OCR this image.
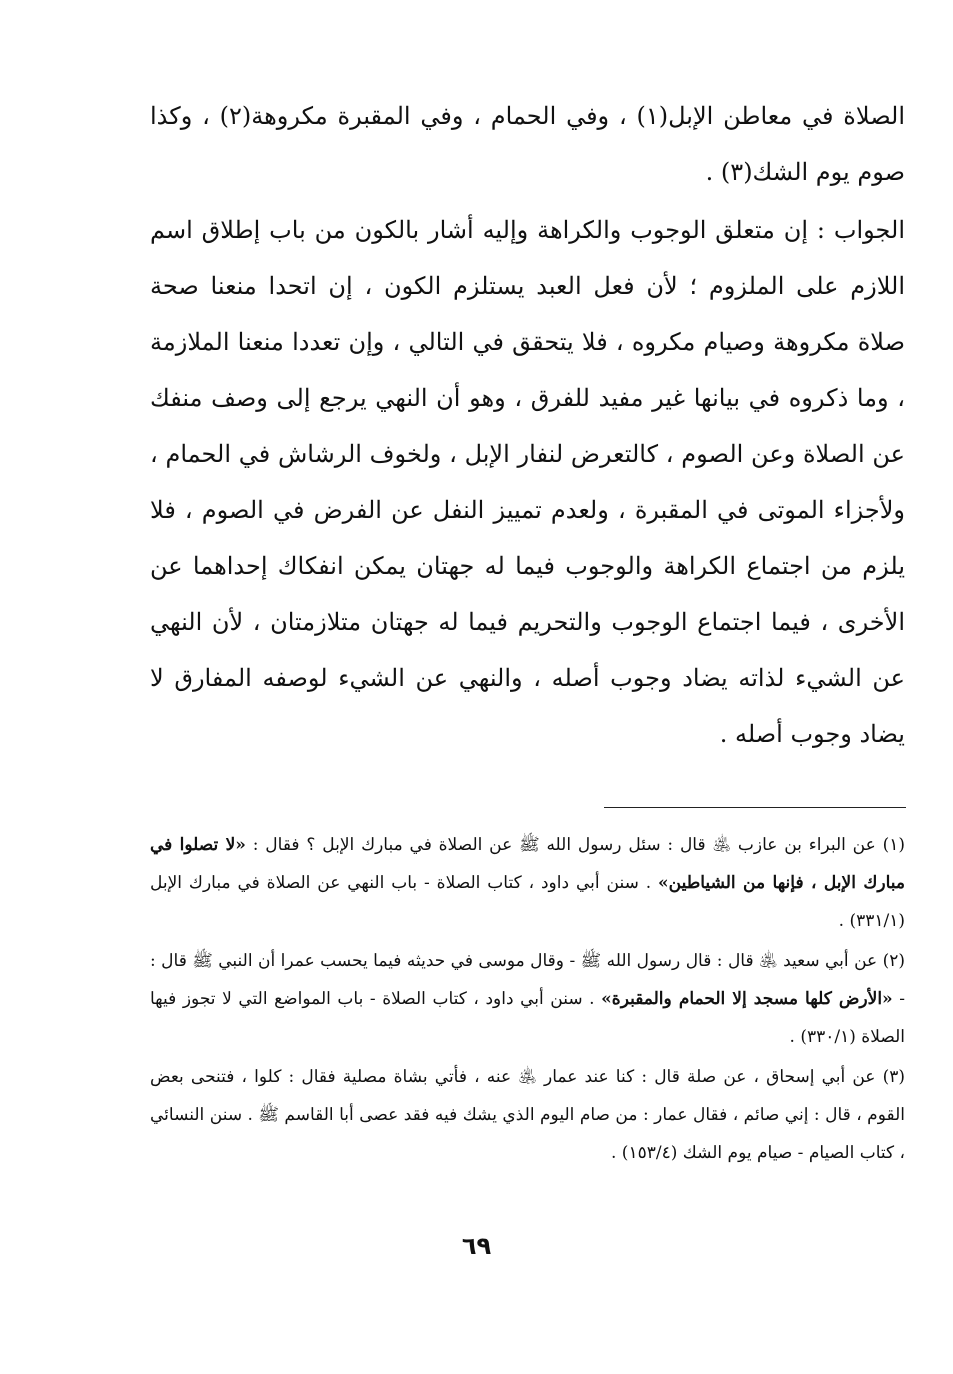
الصلاة في معاطن الإبل(١) ، وفي الحمام ، وفي المقبرة مكروهة(٢) ، وكذا صوم يوم الشك(٣) .

الجواب : إن متعلق الوجوب والكراهة وإليه أشار بالكون من باب إطلاق اسم اللازم على الملزوم ؛ لأن فعل العبد يستلزم الكون ، إن اتحدا منعنا صحة صلاة مكروهة وصيام مكروه ، فلا يتحقق في التالي ، وإن تعددا منعنا الملازمة ، وما ذكروه في بيانها غير مفيد للفرق ، وهو أن النهي يرجع إلى وصف منفك عن الصلاة وعن الصوم ، كالتعرض لنفار الإبل ، ولخوف الرشاش في الحمام ، ولأجزاء الموتى في المقبرة ، ولعدم تمييز النفل عن الفرض في الصوم ، فلا يلزم من اجتماع الكراهة والوجوب فيما له جهتان يمكن انفكاك إحداهما عن الأخرى ، فيما اجتماع الوجوب والتحريم فيما له جهتان متلازمتان ، لأن النهي عن الشيء لذاته يضاد وجوب أصله ، والنهي عن الشيء لوصفه المفارق لا يضاد وجوب أصله .

(١) عن البراء بن عازب ﵁ قال : سئل رسول الله ﷺ عن الصلاة في مبارك الإبل ؟ فقال : «لا تصلوا في مبارك الإبل ، فإنها من الشياطين» . سنن أبي داود ، كتاب الصلاة - باب النهي عن الصلاة في مبارك الإبل (٣٣١/١) .

(٢) عن أبي سعيد ﵁ قال : قال رسول الله ﷺ - وقال موسى في حديثه فيما يحسب عمرا أن النبي ﷺ قال : - «الأرض كلها مسجد إلا الحمام والمقبرة» . سنن أبي داود ، كتاب الصلاة - باب المواضع التي لا تجوز فيها الصلاة (٣٣٠/١) .

(٣) عن أبي إسحاق ، عن صلة قال : كنا عند عمار ﵁ عنه ، فأتي بشاة مصلية فقال : كلوا ، فتنحى بعض القوم ، قال : إني صائم ، فقال عمار : من صام اليوم الذي يشك فيه فقد عصى أبا القاسم ﷺ . سنن النسائي ، كتاب الصيام - صيام يوم الشك (١٥٣/٤) .

٦٩
